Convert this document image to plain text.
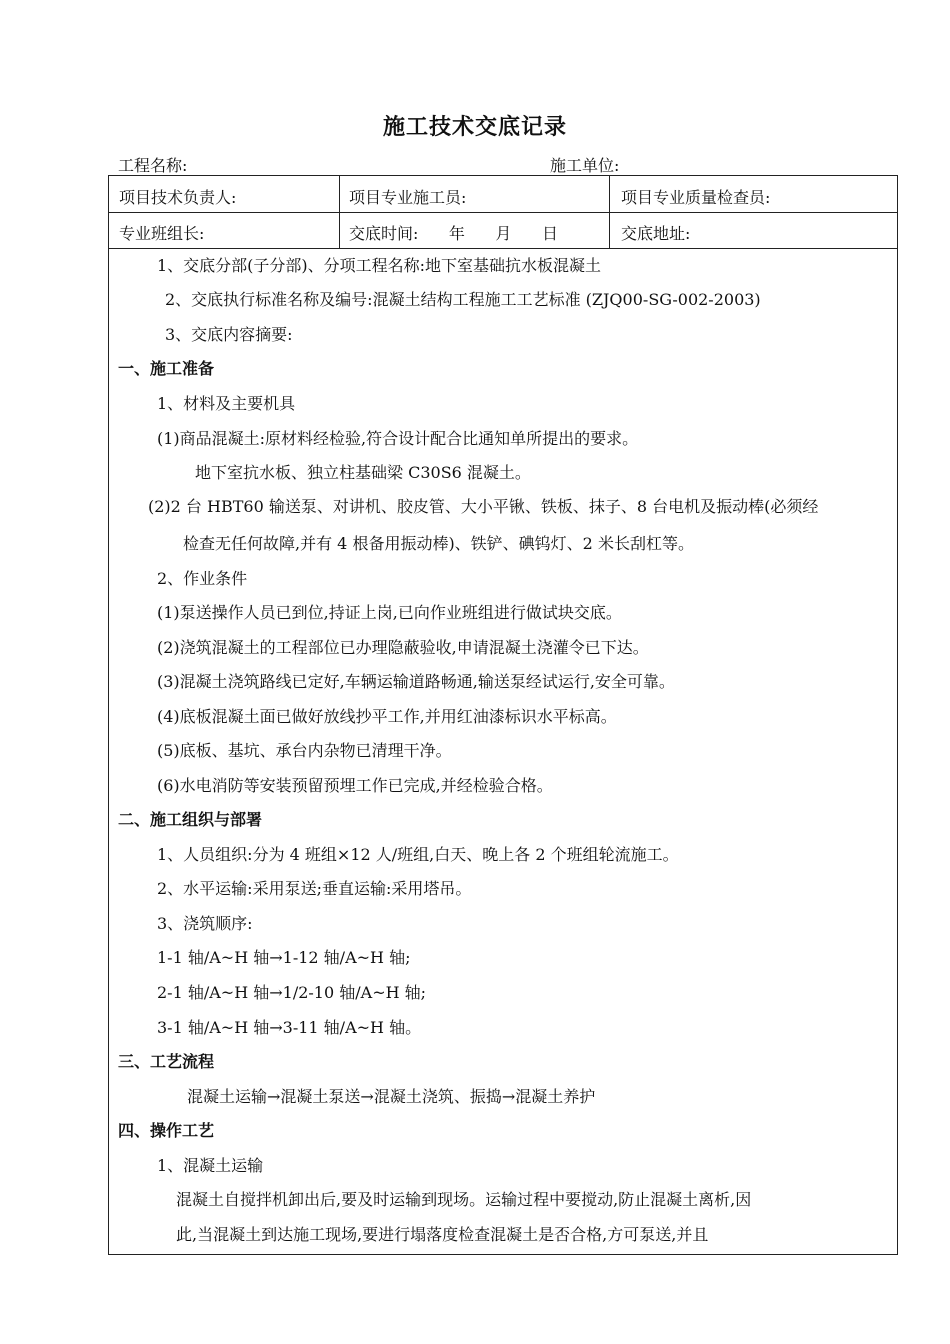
施工技术交底记录
工程名称:	施工单位:
项目技术负责人:	项目专业施工员:	项目专业质量检查员:
专业班组长:	交底时间:      年      月      日	交底地址:
1、交底分部(子分部)、分项工程名称:地下室基础抗水板混凝土
2、交底执行标准名称及编号:混凝土结构工程施工工艺标准 (ZJQ00-SG-002-2003)
3、交底内容摘要:
一、施工准备
1、材料及主要机具
(1)商品混凝土:原材料经检验,符合设计配合比通知单所提出的要求。
地下室抗水板、独立柱基础梁 C30S6 混凝土。
(2)2 台 HBT60 输送泵、对讲机、胶皮管、大小平锹、铁板、抹子、8 台电机及振动棒(必须经
检查无任何故障,并有 4 根备用振动棒)、铁铲、碘钨灯、2 米长刮杠等。
2、作业条件
(1)泵送操作人员已到位,持证上岗,已向作业班组进行做试块交底。
(2)浇筑混凝土的工程部位已办理隐蔽验收,申请混凝土浇灌令已下达。
(3)混凝土浇筑路线已定好,车辆运输道路畅通,输送泵经试运行,安全可靠。
(4)底板混凝土面已做好放线抄平工作,并用红油漆标识水平标高。
(5)底板、基坑、承台内杂物已清理干净。
(6)水电消防等安装预留预埋工作已完成,并经检验合格。
二、施工组织与部署
1、人员组织:分为 4 班组×12 人/班组,白天、晚上各 2 个班组轮流施工。
2、水平运输:采用泵送;垂直运输:采用塔吊。
3、浇筑顺序:
1-1 轴/A~H 轴→1-12 轴/A~H 轴;
2-1 轴/A~H 轴→1/2-10 轴/A~H 轴;
3-1 轴/A~H 轴→3-11 轴/A~H 轴。
三、工艺流程
混凝土运输→混凝土泵送→混凝土浇筑、振捣→混凝土养护
四、操作工艺
1、混凝土运输
混凝土自搅拌机卸出后,要及时运输到现场。运输过程中要搅动,防止混凝土离析,因
此,当混凝土到达施工现场,要进行塌落度检查混凝土是否合格,方可泵送,并且
